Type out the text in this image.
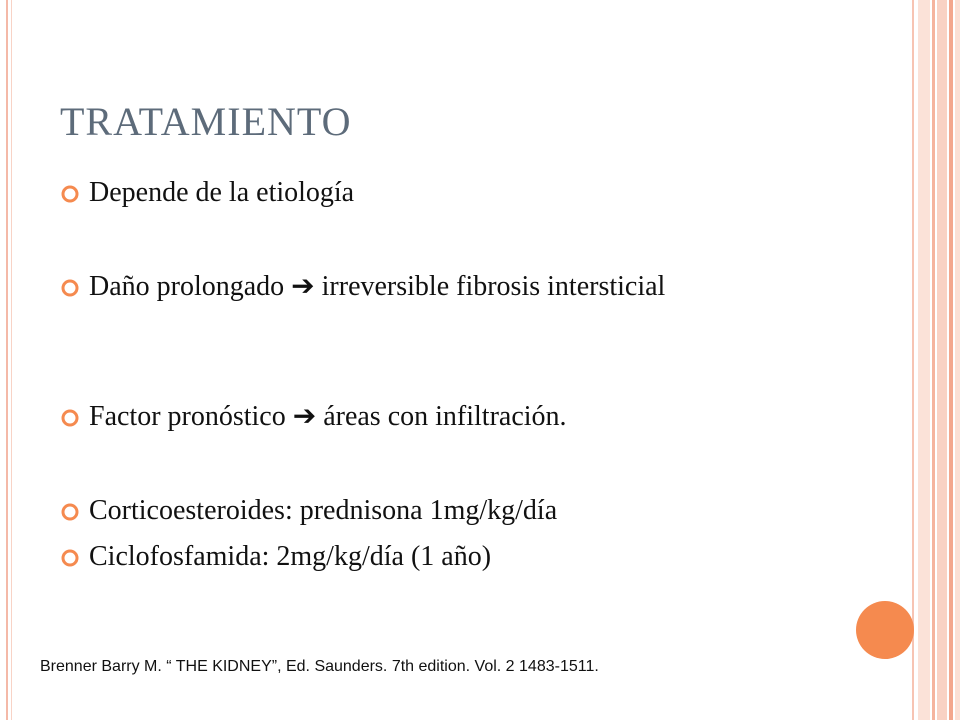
TRATAMIENTO
Depende de la etiología
Daño prolongado ➔ irreversible fibrosis intersticial
Factor pronóstico ➔ áreas con infiltración.
Corticoesteroides: prednisona 1mg/kg/día
Ciclofosfamida: 2mg/kg/día (1 año)
Brenner Barry M. “ THE KIDNEY”, Ed. Saunders. 7th edition. Vol. 2 1483-1511.
